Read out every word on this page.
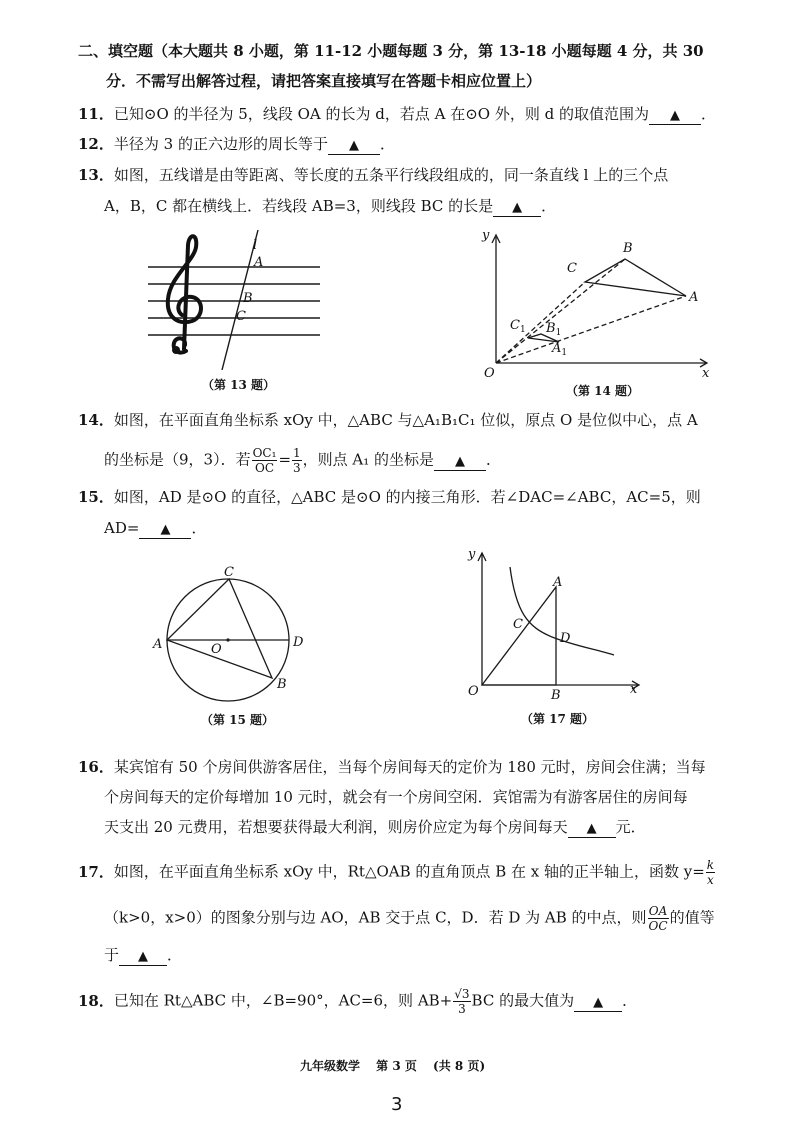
二、填空题（本大题共 8 小题，第 11-12 小题每题 3 分，第 13-18 小题每题 4 分，共 30
分．不需写出解答过程，请把答案直接填写在答题卡相应位置上）
11．已知⊙O 的半径为 5，线段 OA 的长为 d，若点 A 在⊙O 外，则 d 的取值范围为 ▲ ．
12．半径为 3 的正六边形的周长等于 ▲ ．
13．如图，五线谱是由等距离、等长度的五条平行线段组成的，同一条直线 l 上的三个点
A，B，C 都在横线上．若线段 AB=3，则线段 BC 的长是 ▲ ．
l
A
B
C
（第 13 题）
y
x
O
A
B
C
$C_1$ $B_1$
$A_1$
（第 14 题）
14．如图，在平面直角坐标系 xOy 中，△ABC 与△A₁B₁C₁ 位似，原点 O 是位似中心，点 A
的坐标是（9，3）．若 $\frac{\text{OC₁}}{OC} = \frac{1}{3}$ ，则点 A₁ 的坐标是 ▲ ．
15．如图，AD 是⊙O 的直径，△ABC 是⊙O 的内接三角形．若∠DAC=∠ABC，AC=5，则
AD= ▲ ．
A
C
D
B
O
（第 15 题）
y
x
O
A
B
C
D
（第 17 题）
16．某宾馆有 50 个房间供游客居住，当每个房间每天的定价为 180 元时，房间会住满；当每
个房间每天的定价每增加 10 元时，就会有一个房间空闲．宾馆需为有游客居住的房间每
天支出 20 元费用，若想要获得最大利润，则房价应定为每个房间每天 ▲ 元．
17．如图，在平面直角坐标系 xOy 中，Rt△OAB 的直角顶点 B 在 x 轴的正半轴上，函数 $y= \frac{k}{x}$
（k>0，x>0）的图象分别与边 AO，AB 交于点 C，D．若 D 为 AB 的中点，则 $\frac{OA}{OC}$ 的值等
于 ▲ ．
18．已知在 Rt△ABC 中，∠B=90°，AC=6，则 $AB+ \frac{√3}{3}$ BC 的最大值为 ▲ ．
九年级数学　 第 3 页　 (共 8 页)
3
